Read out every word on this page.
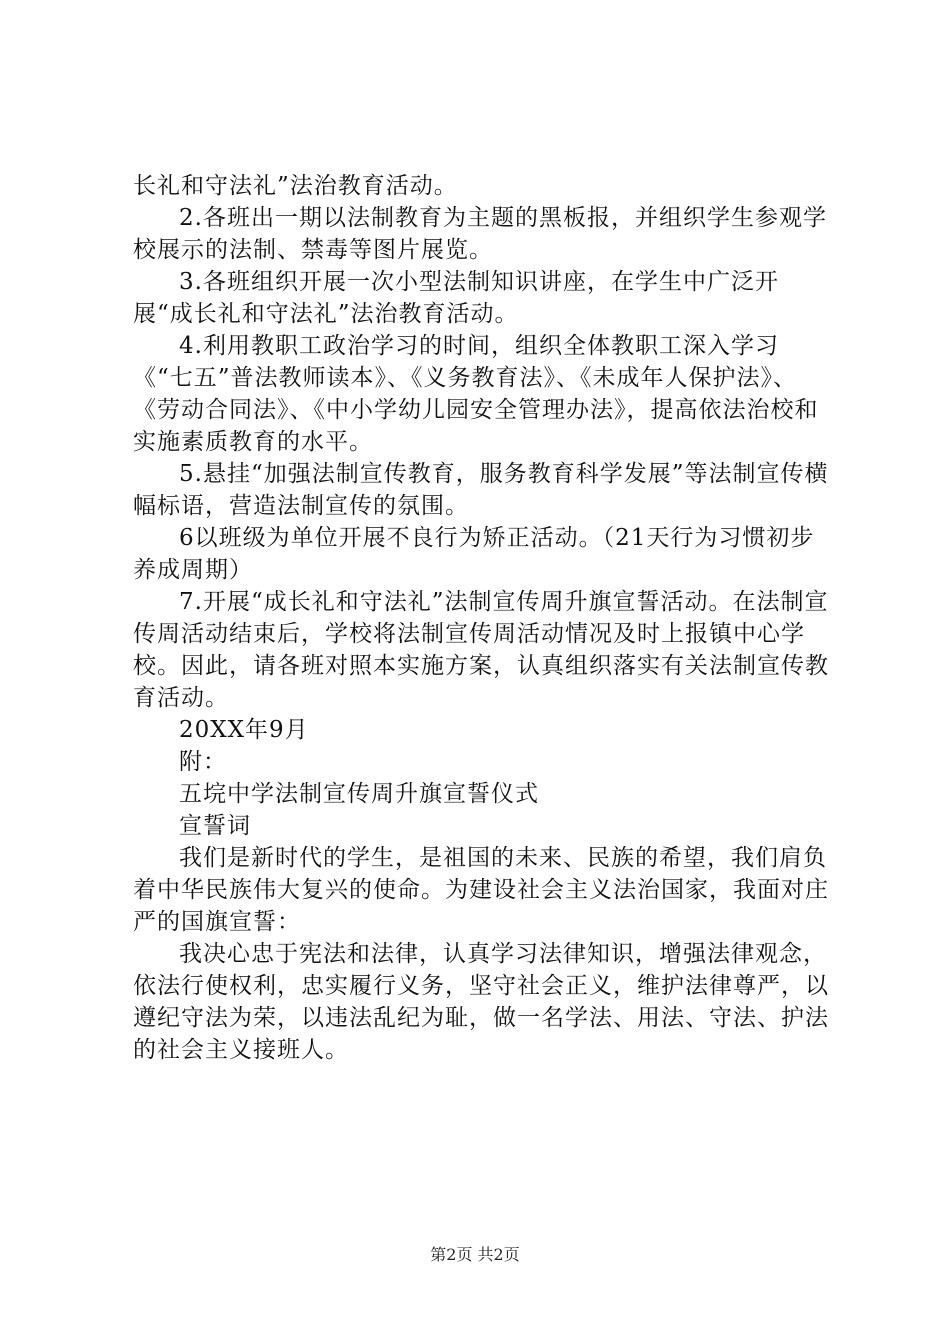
长礼和守法礼”法治教育活动。

2.各班出一期以法制教育为主题的黑板报，并组织学生参观学校展示的法制、禁毒等图片展览。

3.各班组织开展一次小型法制知识讲座，在学生中广泛开展“成长礼和守法礼”法治教育活动。

4.利用教职工政治学习的时间，组织全体教职工深入学习《“七五”普法教师读本》、《义务教育法》、《未成年人保护法》、《劳动合同法》、《中小学幼儿园安全管理办法》，提高依法治校和实施素质教育的水平。

5.悬挂“加强法制宣传教育，服务教育科学发展”等法制宣传横幅标语，营造法制宣传的氛围。

6以班级为单位开展不良行为矫正活动。（21天行为习惯初步养成周期）

7.开展“成长礼和守法礼”法制宣传周升旗宣誓活动。在法制宣传周活动结束后，学校将法制宣传周活动情况及时上报镇中心学校。因此，请各班对照本实施方案，认真组织落实有关法制宣传教育活动。

20XX年9月

附：

五垸中学法制宣传周升旗宣誓仪式

宣誓词

我们是新时代的学生，是祖国的未来、民族的希望，我们肩负着中华民族伟大复兴的使命。为建设社会主义法治国家，我面对庄严的国旗宣誓：

我决心忠于宪法和法律，认真学习法律知识，增强法律观念，依法行使权利，忠实履行义务，坚守社会正义，维护法律尊严，以遵纪守法为荣，以违法乱纪为耻，做一名学法、用法、守法、护法的社会主义接班人。

第2页 共2页
